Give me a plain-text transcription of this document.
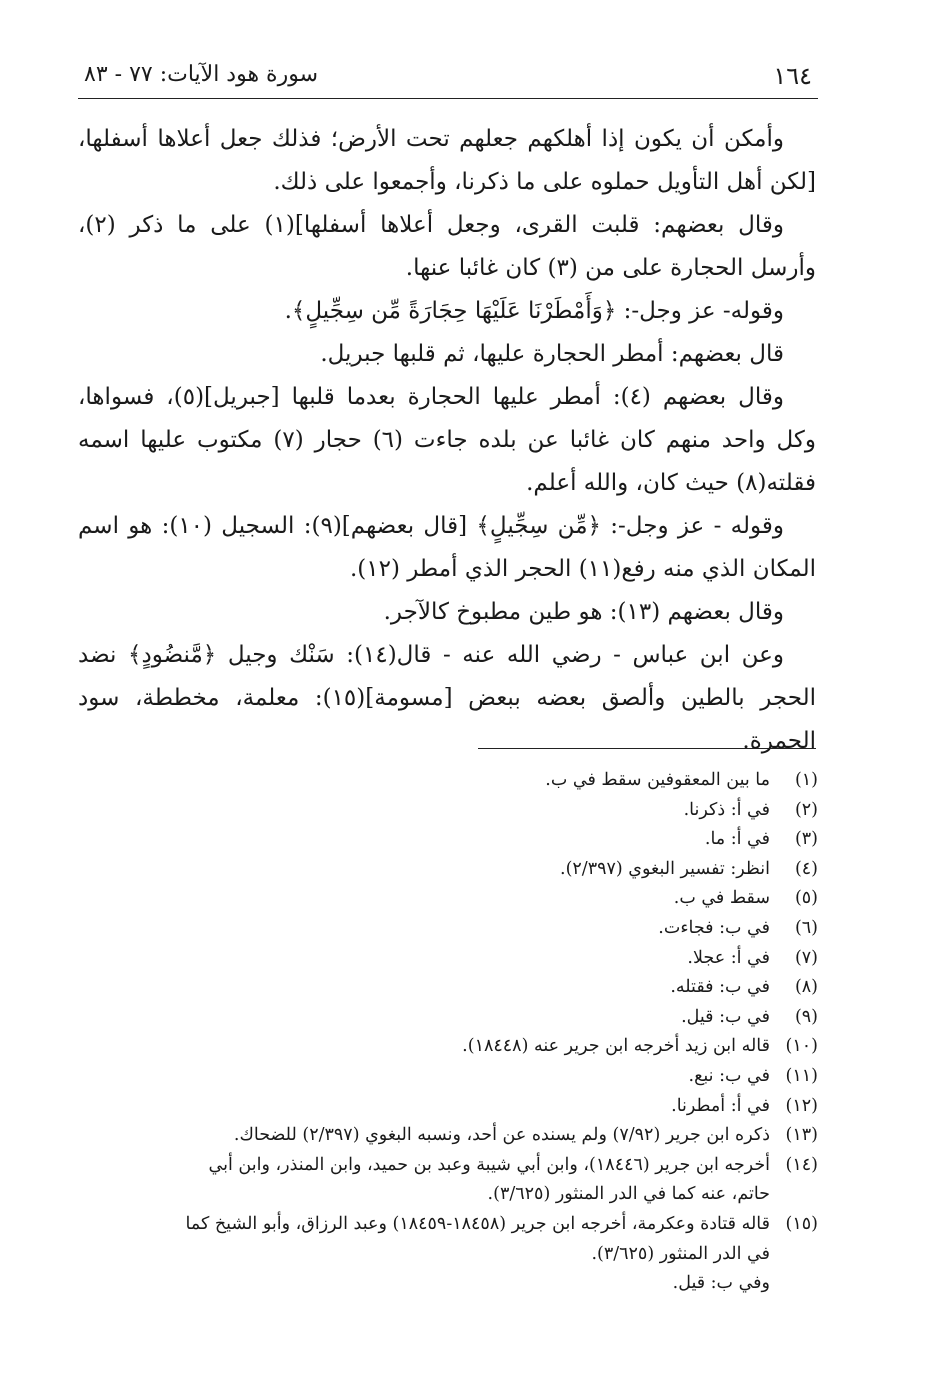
١٦٤
سورة هود الآيات: ٧٧ - ٨٣

وأمكن أن يكون إذا أهلكهم جعلهم تحت الأرض؛ فذلك جعل أعلاها أسفلها، [لكن أهل التأويل حملوه على ما ذكرنا، وأجمعوا على ذلك.

وقال بعضهم: قلبت القرى، وجعل أعلاها أسفلها](١) على ما ذكر (٢)، وأرسل الحجارة على من (٣) كان غائبا عنها.

وقوله- عز وجل-: ﴿وَأَمْطَرْنَا عَلَيْهَا حِجَارَةً مِّن سِجِّيلٍ﴾.

قال بعضهم: أمطر الحجارة عليها، ثم قلبها جبريل.

وقال بعضهم (٤): أمطر عليها الحجارة بعدما قلبها [جبريل](٥)، فسواها، وكل واحد منهم كان غائبا عن بلده جاءت (٦) حجار (٧) مكتوب عليها اسمه فقلته(٨) حيث كان، والله أعلم.

وقوله - عز وجل-: ﴿مِّن سِجِّيلٍ﴾ [قال بعضهم](٩): السجيل (١٠): هو اسم المكان الذي منه رفع(١١) الحجر الذي أمطر (١٢).

وقال بعضهم (١٣): هو طين مطبوخ كالآجر.

وعن ابن عباس - رضي الله عنه - قال(١٤): سَنْك وجيل ﴿مَّنضُودٍ﴾ نضد الحجر بالطين وألصق بعضه ببعض [مسومة](١٥): معلمة، مخططة، سود الحمرة.

(١)
ما بين المعقوفين سقط في ب.
(٢)
في أ: ذكرنا.
(٣)
في أ: ما.
(٤)
انظر: تفسير البغوي (٢/٣٩٧).
(٥)
سقط في ب.
(٦)
في ب: فجاءت.
(٧)
في أ: عجلا.
(٨)
في ب: فقتله.
(٩)
في ب: قيل.
(١٠)
قاله ابن زيد أخرجه ابن جرير عنه (١٨٤٤٨).
(١١)
في ب: نبع.
(١٢)
في أ: أمطرنا.
(١٣)
ذكره ابن جرير (٧/٩٢) ولم يسنده عن أحد، ونسبه البغوي (٢/٣٩٧) للضحاك.
(١٤)
أخرجه ابن جرير (١٨٤٤٦)، وابن أبي شيبة وعبد بن حميد، وابن المنذر، وابن أبي حاتم، عنه كما في الدر المنثور (٣/٦٢٥).
(١٥)
قاله قتادة وعكرمة، أخرجه ابن جرير (١٨٤٥٨-١٨٤٥٩) وعبد الرزاق، وأبو الشيخ كما في الدر المنثور (٣/٦٢٥).
وفي ب: قيل.
